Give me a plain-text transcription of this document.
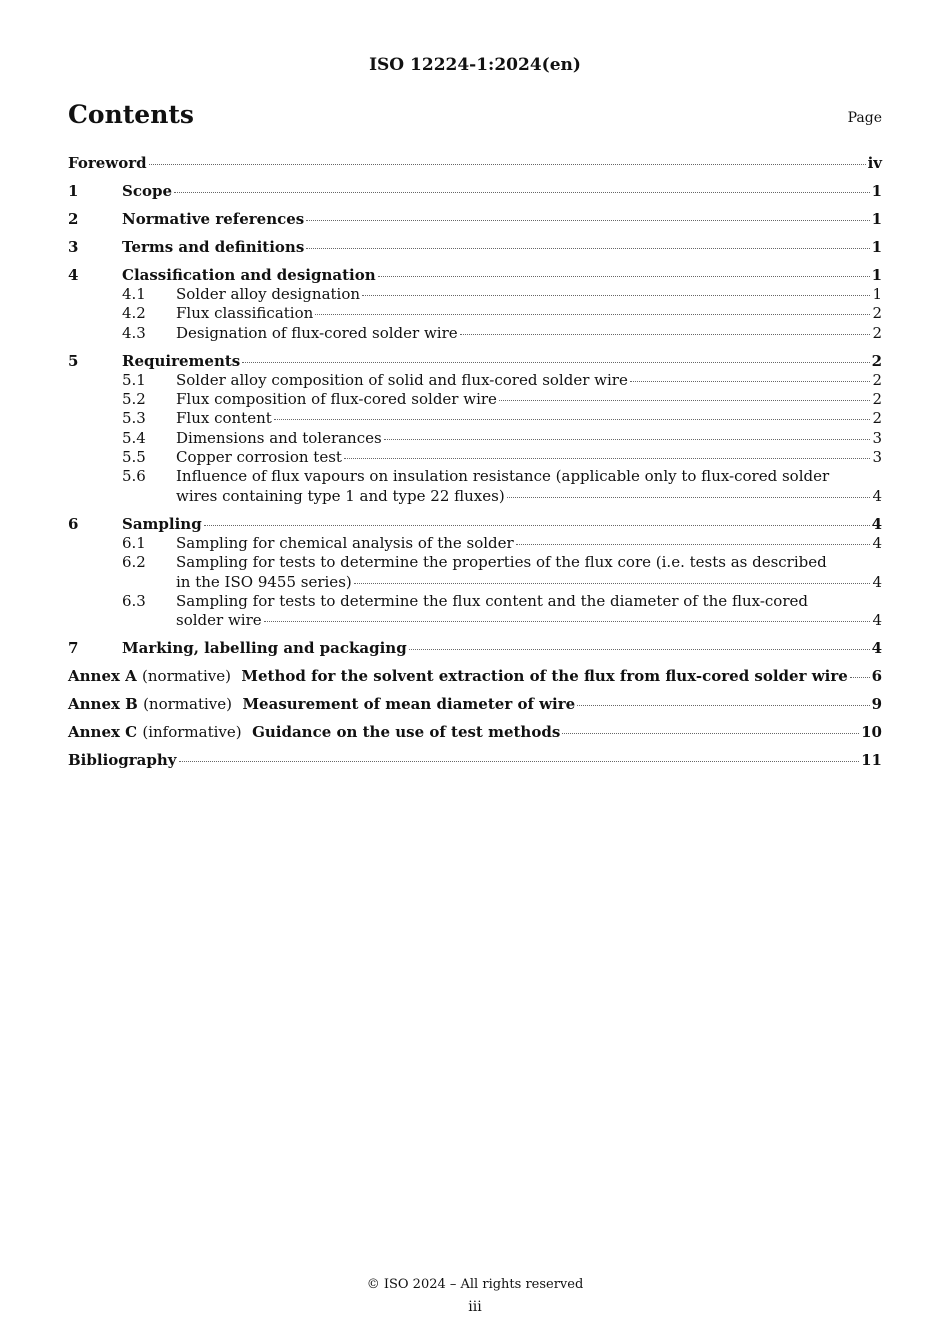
ISO 12224-1:2024(en)
Contents	Page
Foreword	iv
1	Scope	1
2	Normative references	1
3	Terms and definitions	1
4	Classification and designation	1
4.1	Solder alloy designation	1
4.2	Flux classification	2
4.3	Designation of flux-cored solder wire	2
5	Requirements	2
5.1	Solder alloy composition of solid and flux-cored solder wire	2
5.2	Flux composition of flux-cored solder wire	2
5.3	Flux content	2
5.4	Dimensions and tolerances	3
5.5	Copper corrosion test	3
5.6	Influence of flux vapours on insulation resistance (applicable only to flux-cored solder
wires containing type 1 and type 22 fluxes)	4
6	Sampling	4
6.1	Sampling for chemical analysis of the solder	4
6.2	Sampling for tests to determine the properties of the flux core (i.e. tests as described
in the ISO 9455 series)	4
6.3	Sampling for tests to determine the flux content and the diameter of the flux-cored
solder wire	4
7	Marking, labelling and packaging	4
Annex A (normative) Method for the solvent extraction of the flux from flux-cored solder wire 6
Annex B (normative) Measurement of mean diameter of wire	9
Annex C (informative) Guidance on the use of test methods	10
Bibliography	11
© ISO 2024 – All rights reserved
iii
